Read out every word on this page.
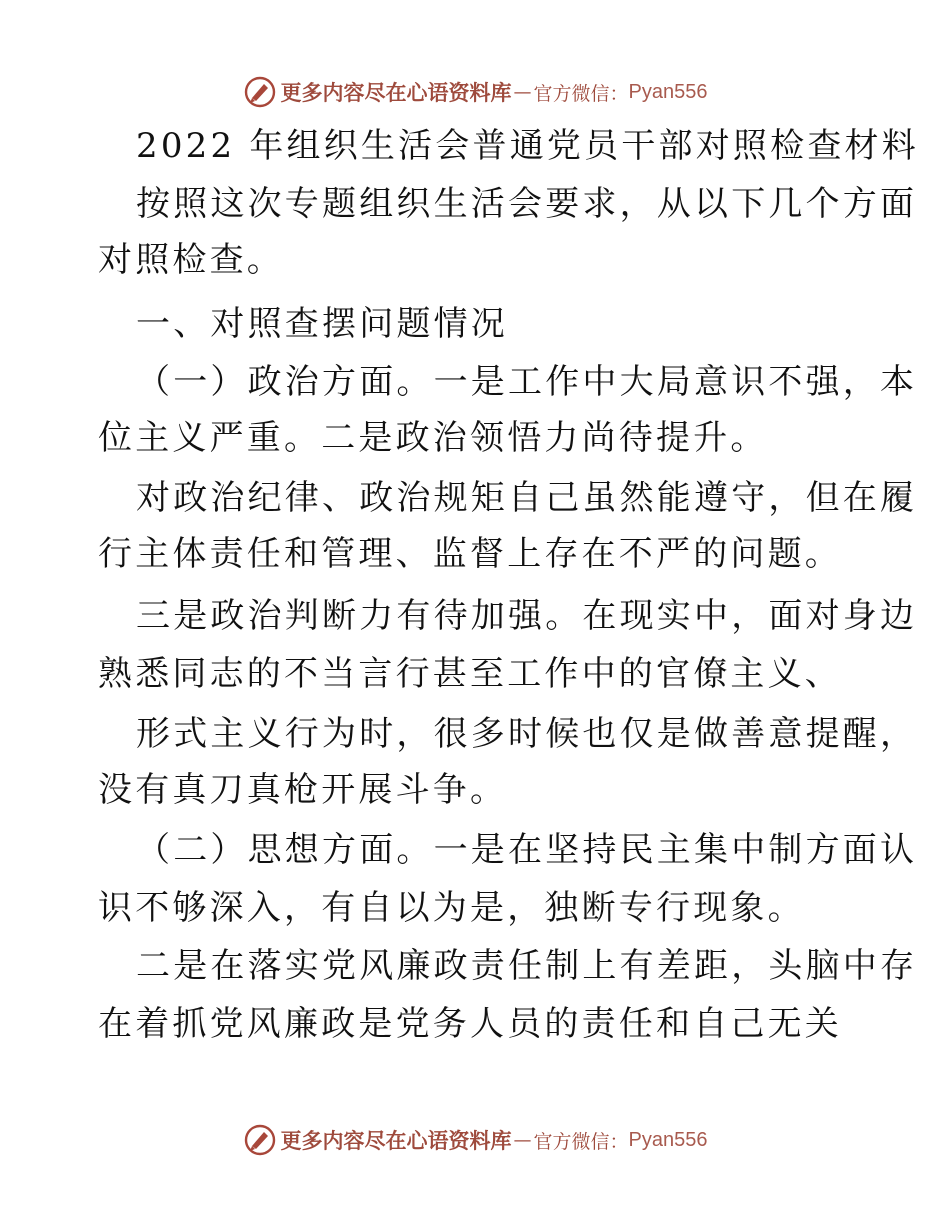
更多内容尽在心语资料库 — 官方微信： Pyan556
2022 年组织生活会普通党员干部对照检查材料
按照这次专题组织生活会要求，从以下几个方面
对照检查。
一、对照查摆问题情况
（一）政治方面。一是工作中大局意识不强，本
位主义严重。二是政治领悟力尚待提升。
对政治纪律、政治规矩自己虽然能遵守，但在履
行主体责任和管理、监督上存在不严的问题。
三是政治判断力有待加强。在现实中，面对身边
熟悉同志的不当言行甚至工作中的官僚主义、
形式主义行为时，很多时候也仅是做善意提醒，
没有真刀真枪开展斗争。
（二）思想方面。一是在坚持民主集中制方面认
识不够深入，有自以为是，独断专行现象。
二是在落实党风廉政责任制上有差距，头脑中存
在着抓党风廉政是党务人员的责任和自己无关
更多内容尽在心语资料库 — 官方微信： Pyan556
